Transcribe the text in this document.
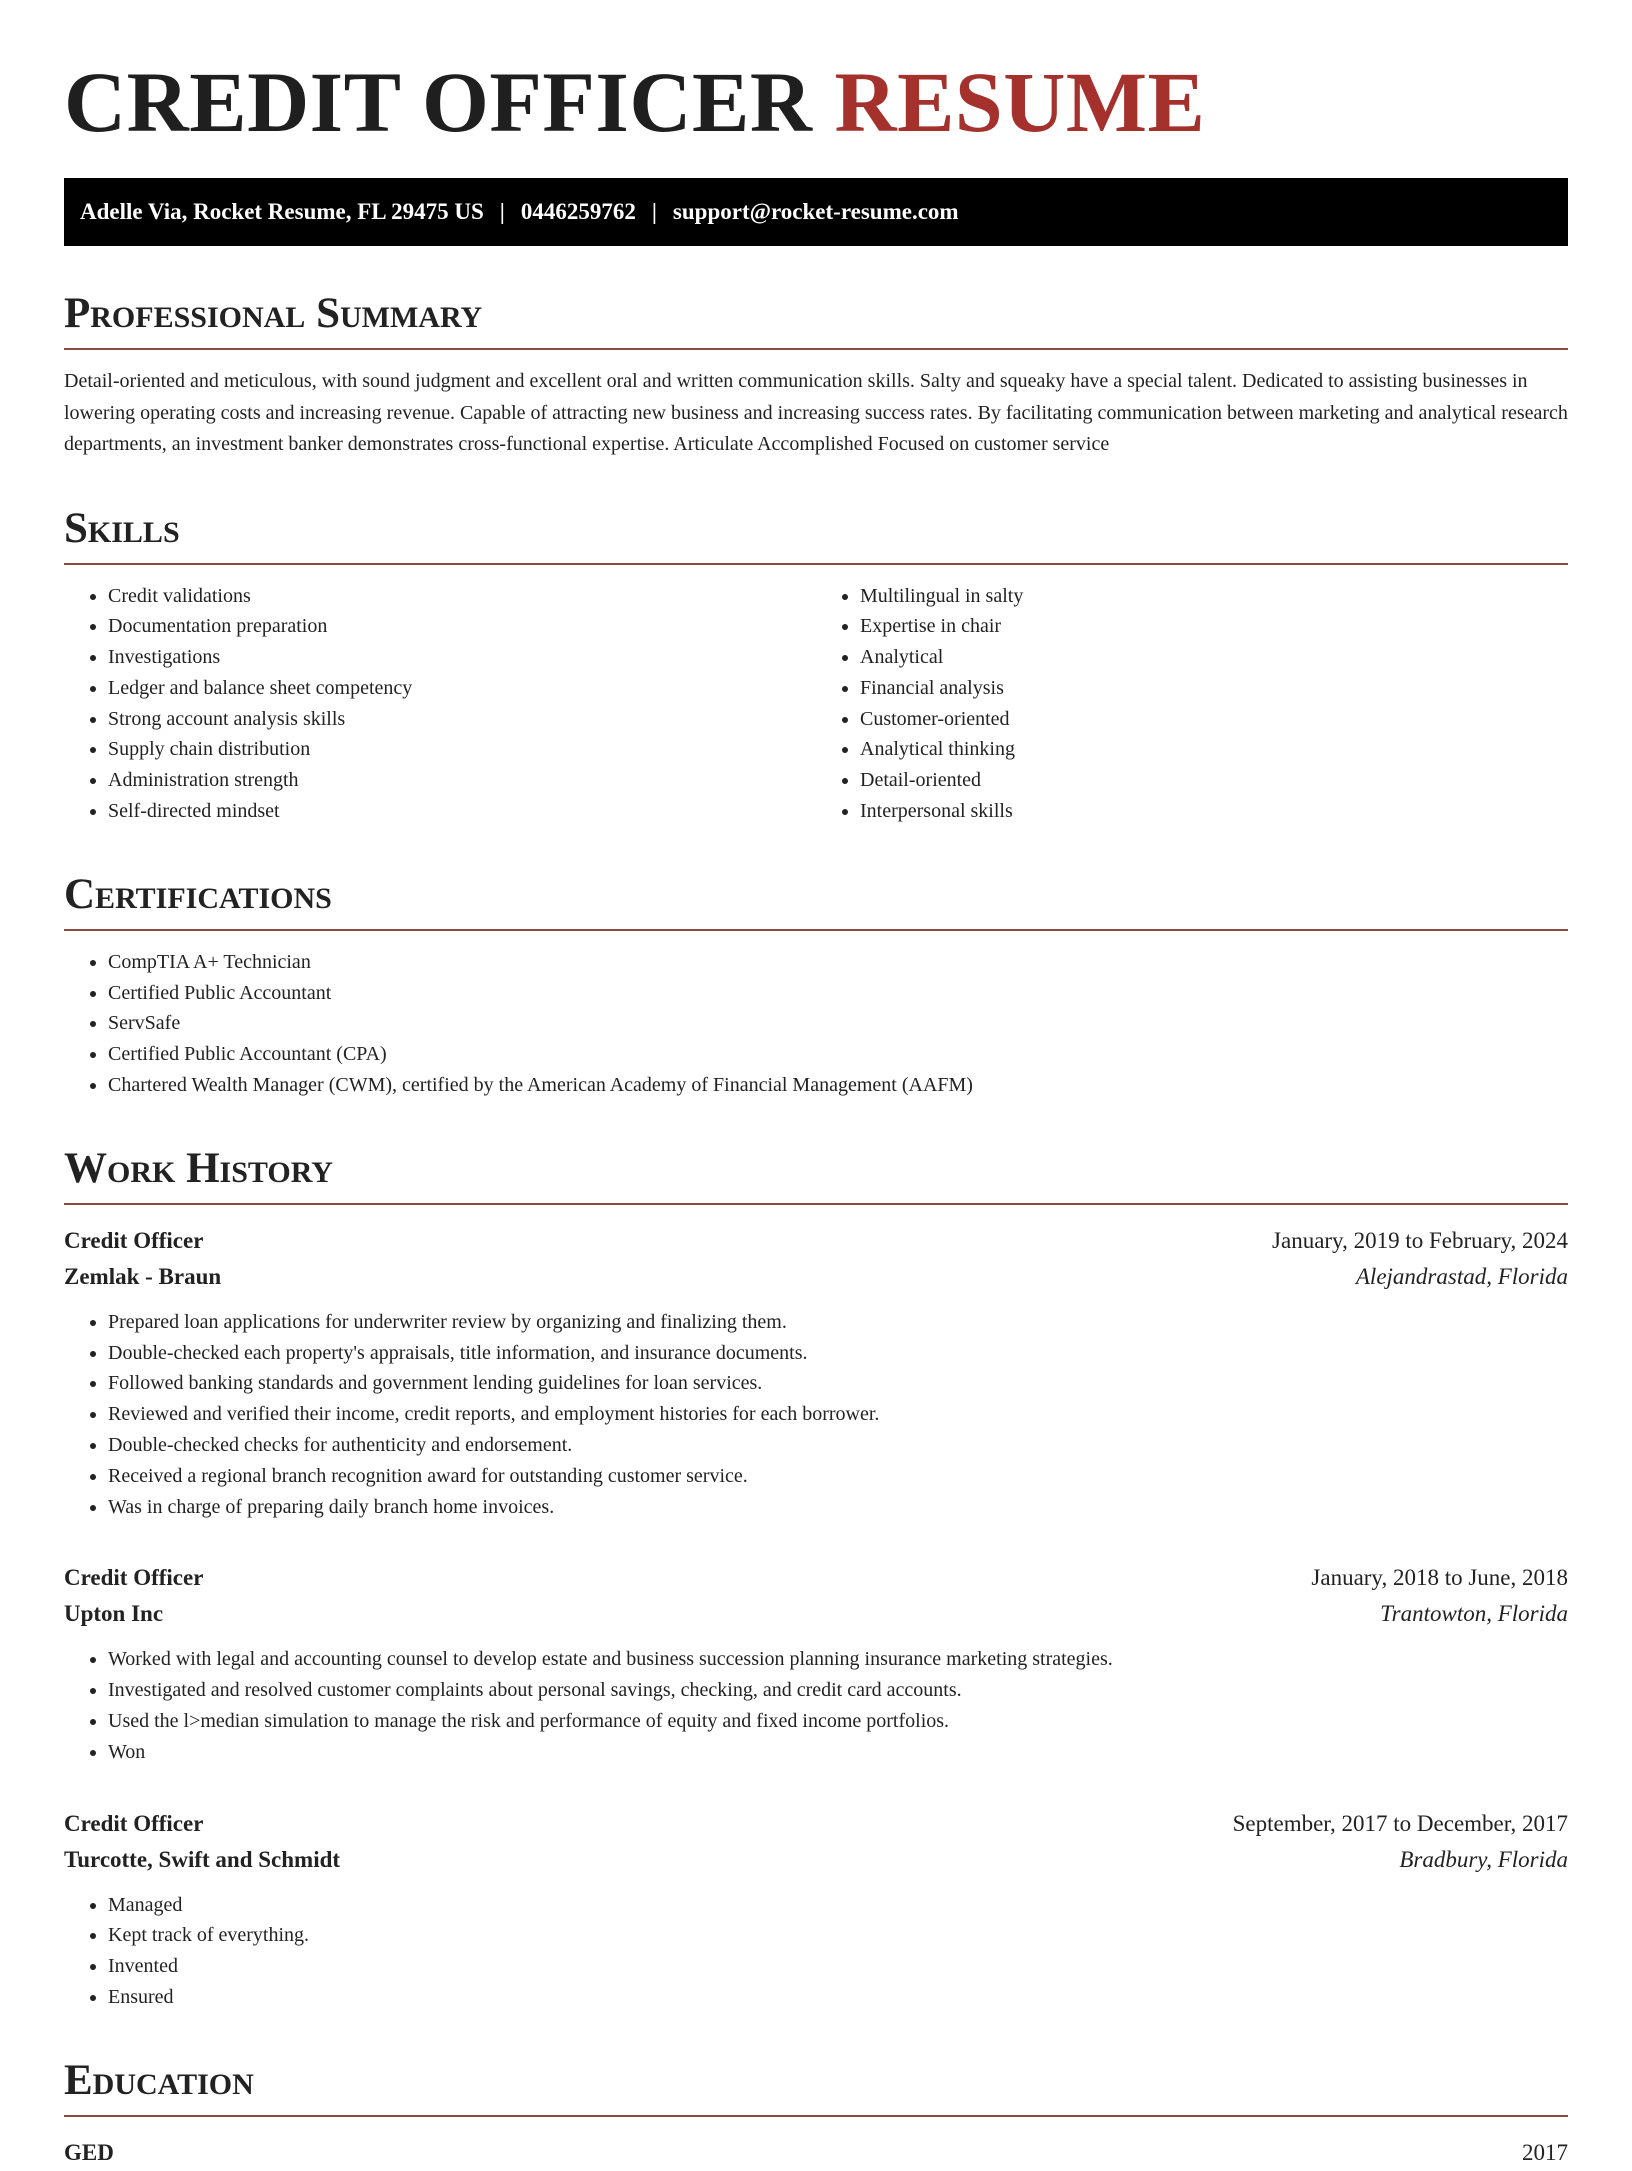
CREDIT OFFICER RESUME
Adelle Via, Rocket Resume, FL 29475 US | 0446259762 | support@rocket-resume.com
Professional Summary

Detail-oriented and meticulous, with sound judgment and excellent oral and written communication skills. Salty and squeaky have a special talent. Dedicated to assisting businesses in lowering operating costs and increasing revenue. Capable of attracting new business and increasing success rates. By facilitating communication between marketing and analytical research departments, an investment banker demonstrates cross-functional expertise. Articulate Accomplished Focused on customer service

Skills
• Credit validations
• Documentation preparation
• Investigations
• Ledger and balance sheet competency
• Strong account analysis skills
• Supply chain distribution
• Administration strength
• Self-directed mindset
• Multilingual in salty
• Expertise in chair
• Analytical
• Financial analysis
• Customer-oriented
• Analytical thinking
• Detail-oriented
• Interpersonal skills
Certifications
• CompTIA A+ Technician
• Certified Public Accountant
• ServSafe
• Certified Public Accountant (CPA)
• Chartered Wealth Manager (CWM), certified by the American Academy of Financial Management (AAFM)
Work History
Credit Officer	January, 2019 to February, 2024
Zemlak - Braun	Alejandrastad, Florida
• Prepared loan applications for underwriter review by organizing and finalizing them.
• Double-checked each property's appraisals, title information, and insurance documents.
• Followed banking standards and government lending guidelines for loan services.
• Reviewed and verified their income, credit reports, and employment histories for each borrower.
• Double-checked checks for authenticity and endorsement.
• Received a regional branch recognition award for outstanding customer service.
• Was in charge of preparing daily branch home invoices.
Credit Officer	January, 2018 to June, 2018
Upton Inc	Trantowton, Florida
• Worked with legal and accounting counsel to develop estate and business succession planning insurance marketing strategies.
• Investigated and resolved customer complaints about personal savings, checking, and credit card accounts.
• Used the l>median simulation to manage the risk and performance of equity and fixed income portfolios.
• Won
Credit Officer	September, 2017 to December, 2017
Turcotte, Swift and Schmidt	Bradbury, Florida
• Managed
• Kept track of everything.
• Invented
• Ensured
Education
GED	2017
